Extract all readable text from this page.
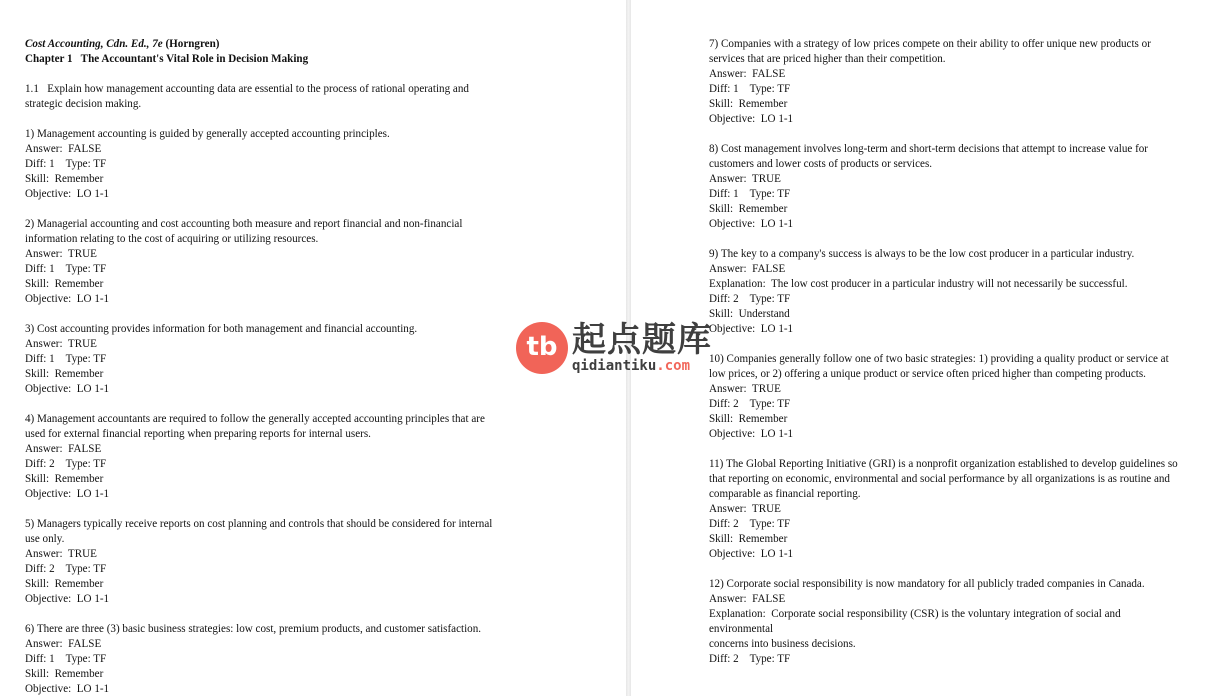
Cost Accounting, Cdn. Ed., 7e (Horngren)
Chapter 1   The Accountant's Vital Role in Decision Making
1.1   Explain how management accounting data are essential to the process of rational operating and
strategic decision making.
1) Management accounting is guided by generally accepted accounting principles.
Answer:  FALSE
Diff: 1    Type: TF
Skill:  Remember
Objective:  LO 1-1
2) Managerial accounting and cost accounting both measure and report financial and non-financial
information relating to the cost of acquiring or utilizing resources.
Answer:  TRUE
Diff: 1    Type: TF
Skill:  Remember
Objective:  LO 1-1
3) Cost accounting provides information for both management and financial accounting.
Answer:  TRUE
Diff: 1    Type: TF
Skill:  Remember
Objective:  LO 1-1
4) Management accountants are required to follow the generally accepted accounting principles that are
used for external financial reporting when preparing reports for internal users.
Answer:  FALSE
Diff: 2    Type: TF
Skill:  Remember
Objective:  LO 1-1
5) Managers typically receive reports on cost planning and controls that should be considered for internal
use only.
Answer:  TRUE
Diff: 2    Type: TF
Skill:  Remember
Objective:  LO 1-1
6) There are three (3) basic business strategies: low cost, premium products, and customer satisfaction.
Answer:  FALSE
Diff: 1    Type: TF
Skill:  Remember
Objective:  LO 1-1
7) Companies with a strategy of low prices compete on their ability to offer unique new products or
services that are priced higher than their competition.
Answer:  FALSE
Diff: 1    Type: TF
Skill:  Remember
Objective:  LO 1-1
8) Cost management involves long-term and short-term decisions that attempt to increase value for
customers and lower costs of products or services.
Answer:  TRUE
Diff: 1    Type: TF
Skill:  Remember
Objective:  LO 1-1
9) The key to a company's success is always to be the low cost producer in a particular industry.
Answer:  FALSE
Explanation:  The low cost producer in a particular industry will not necessarily be successful.
Diff: 2    Type: TF
Skill:  Understand
Objective:  LO 1-1
10) Companies generally follow one of two basic strategies: 1) providing a quality product or service at
low prices, or 2) offering a unique product or service often priced higher than competing products.
Answer:  TRUE
Diff: 2    Type: TF
Skill:  Remember
Objective:  LO 1-1
11) The Global Reporting Initiative (GRI) is a nonprofit organization established to develop guidelines so
that reporting on economic, environmental and social performance by all organizations is as routine and
comparable as financial reporting.
Answer:  TRUE
Diff: 2    Type: TF
Skill:  Remember
Objective:  LO 1-1
12) Corporate social responsibility is now mandatory for all publicly traded companies in Canada.
Answer:  FALSE
Explanation:  Corporate social responsibility (CSR) is the voluntary integration of social and
environmental
concerns into business decisions.
Diff: 2    Type: TF
tb 起点题库
qidiantiku.com
